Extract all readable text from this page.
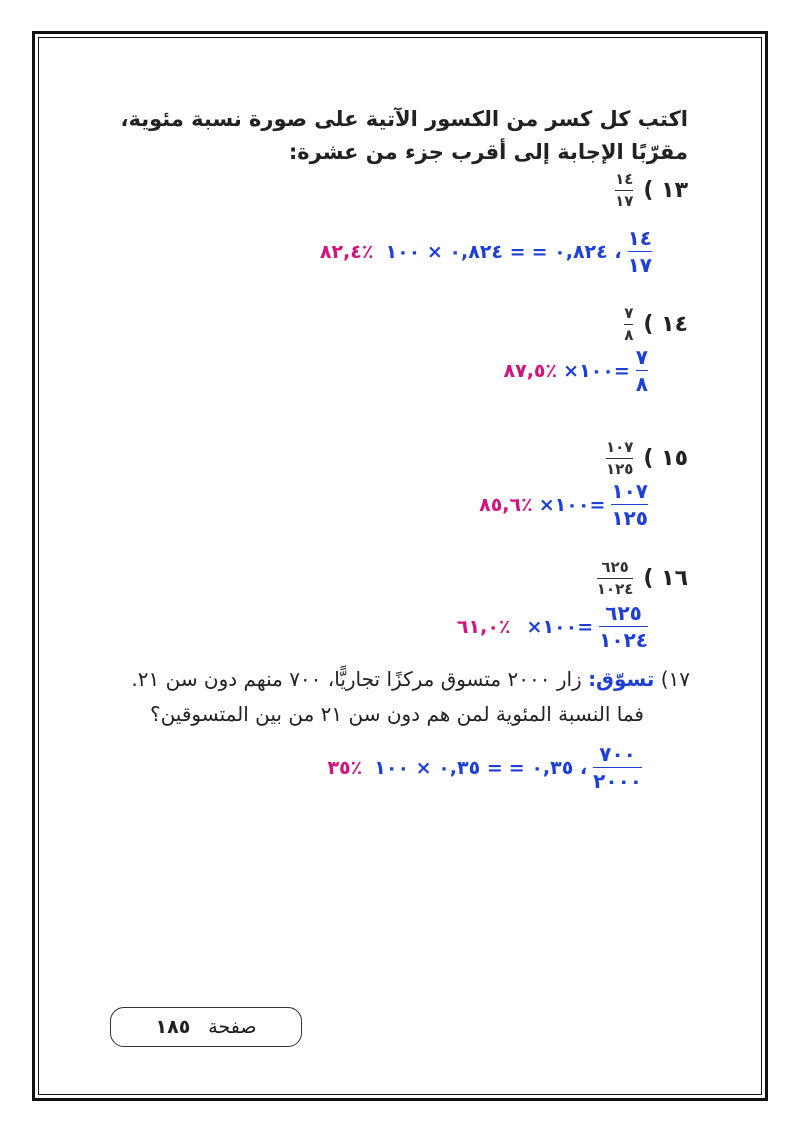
اكتب كل كسر من الكسور الآتية على صورة نسبة مئوية،
مقرّبًا الإجابة إلى أقرب جزء من عشرة:
$\frac{١٤}{١٧}$ ( ١٣
٨٢,٤٪ ٠,٨٢٤ × ١٠٠ = = ٠,٨٢٤ ، $\frac{١٤}{١٧}$
$\frac{٧}{٨}$ ( ١٤
٨٧,٥٪ ×١٠٠= $\frac{٧}{٨}$
$\frac{١٠٧}{١٢٥}$ ( ١٥
٨٥,٦٪ ×١٠٠= $\frac{١٠٧}{١٢٥}$
$\frac{٦٢٥}{١٠٢٤}$ ( ١٦
٦١,٠٪ ×١٠٠= $\frac{٦٢٥}{١٠٢٤}$
١٧) تسوّق: زار ٢٠٠٠ متسوق مركزًا تجاريًّا، ٧٠٠ منهم دون سن ٢١.
فما النسبة المئوية لمن هم دون سن ٢١ من بين المتسوقين؟
٣٥٪ ٠,٣٥ × ١٠٠ = = ٠,٣٥ ، $\frac{٧٠٠}{٢٠٠٠}$
صفحة
١٨٥
